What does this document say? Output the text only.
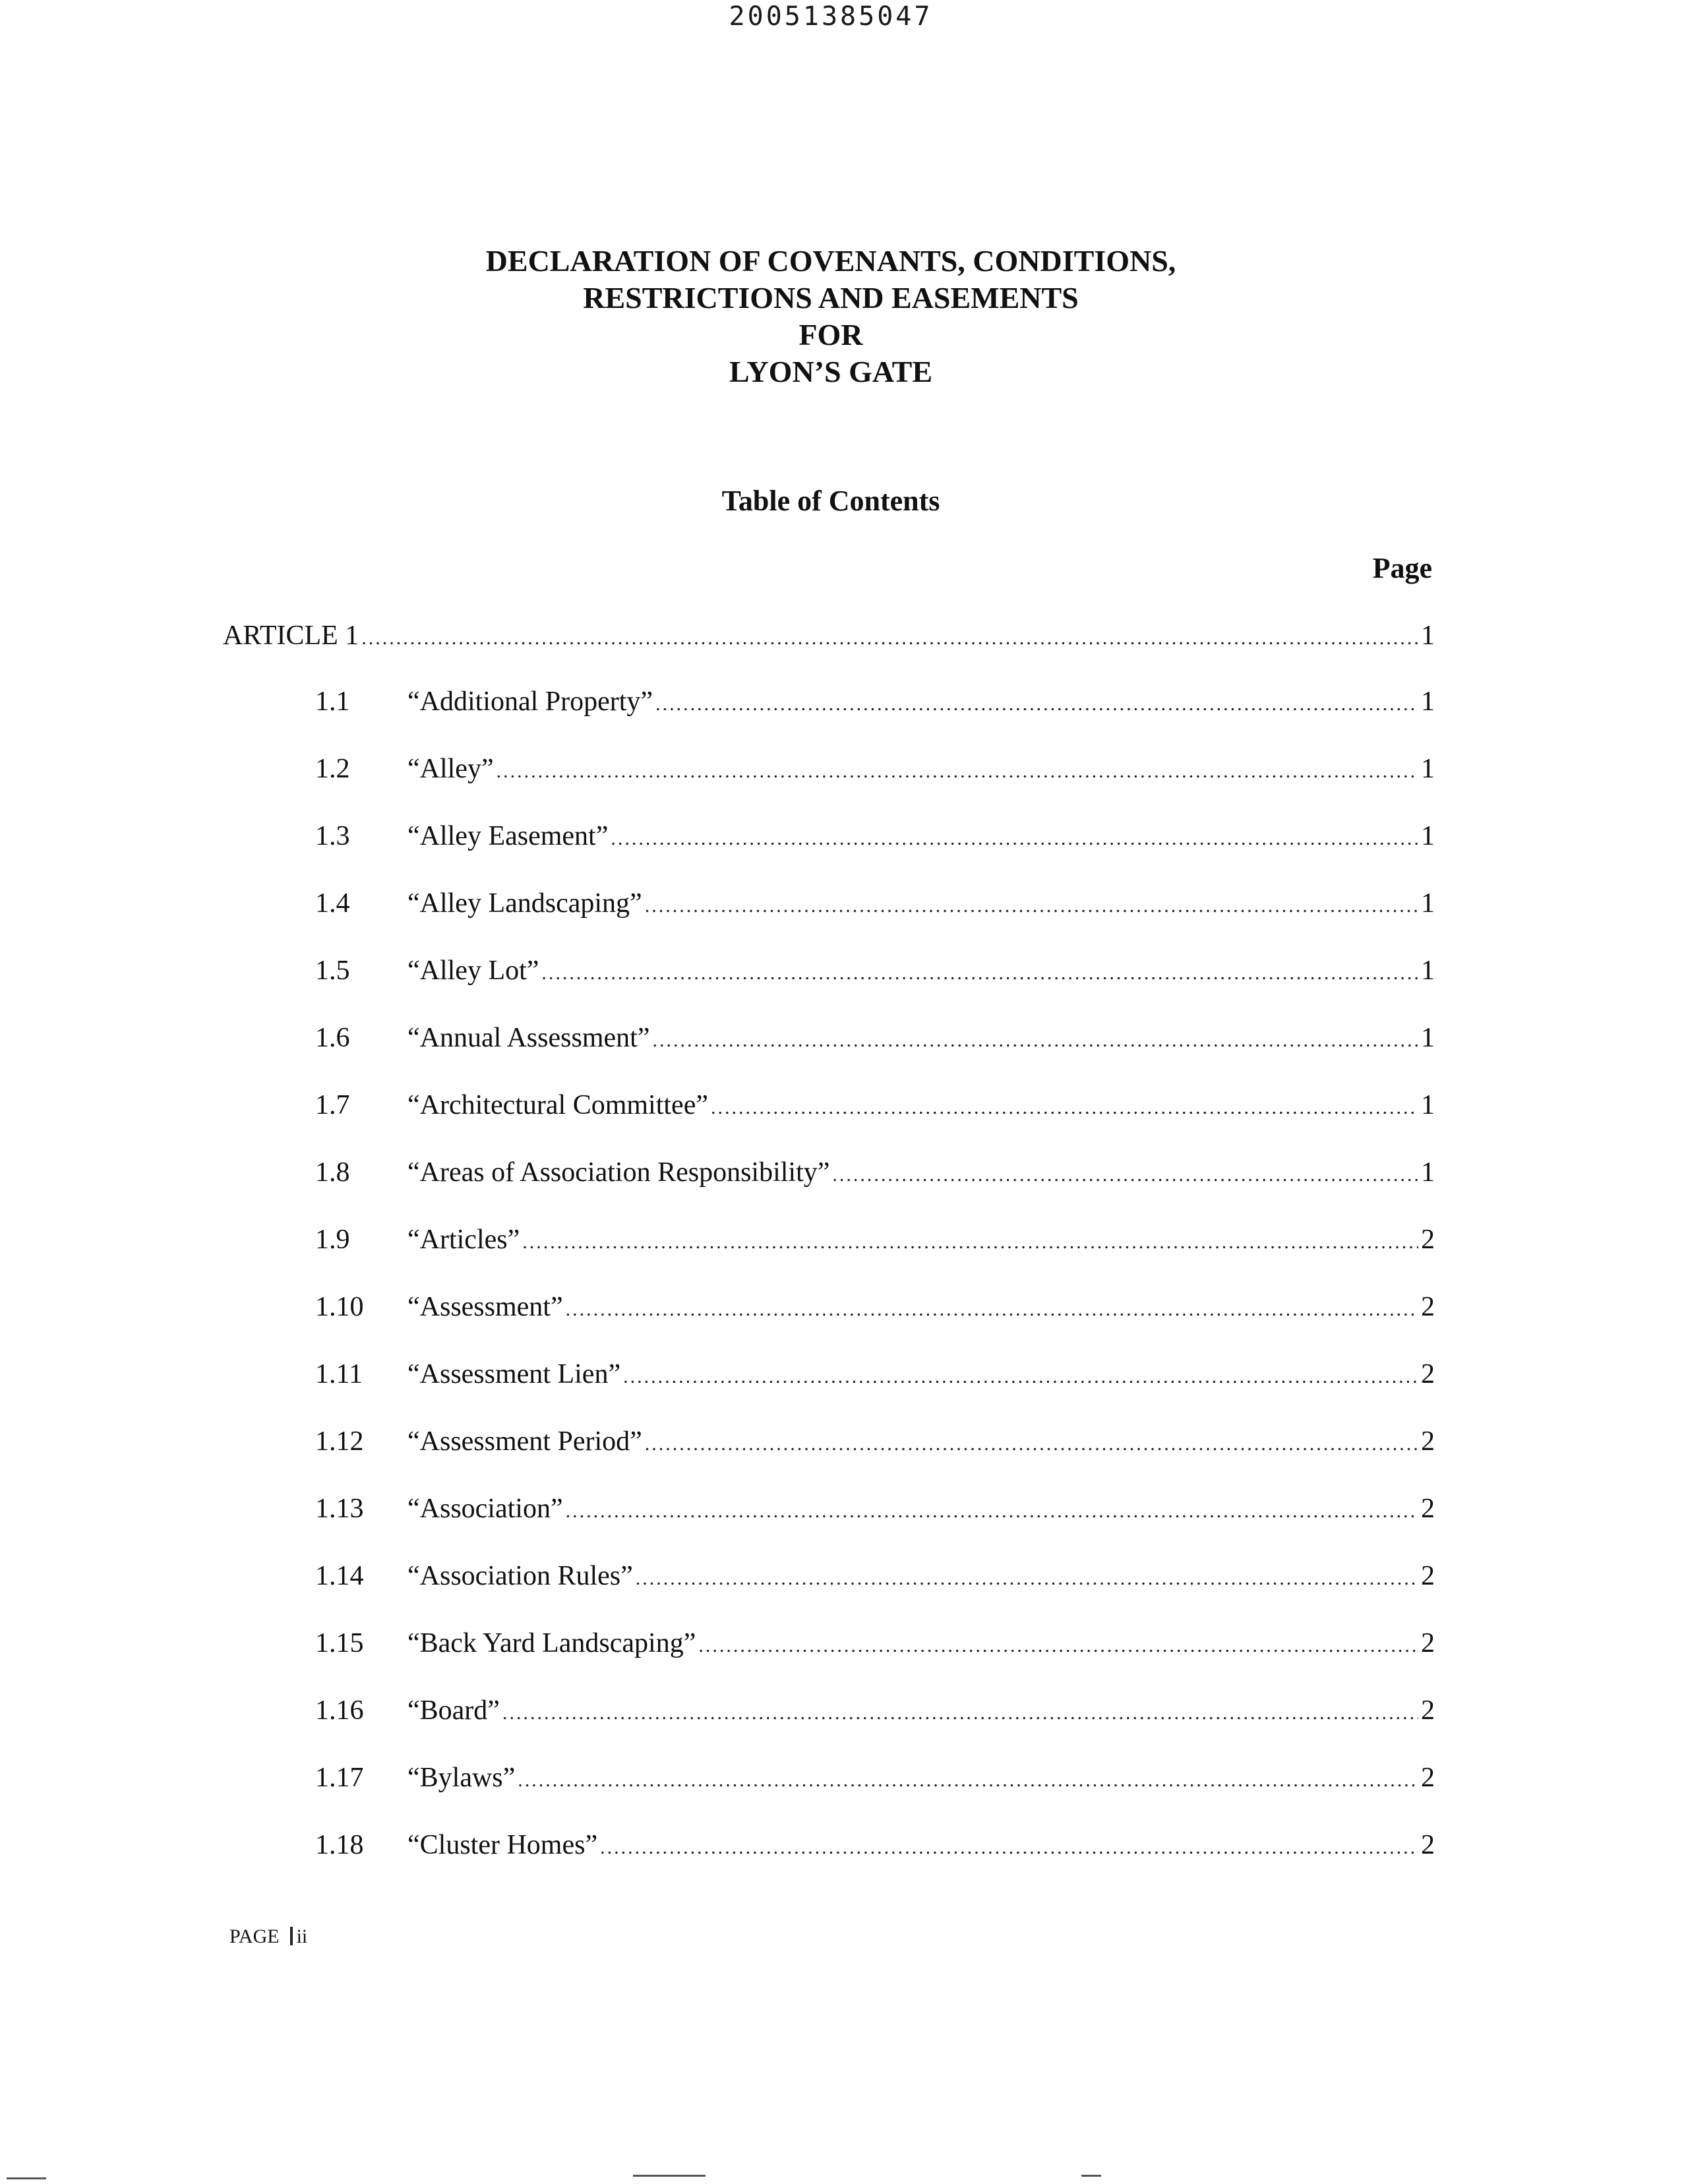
20051385047
DECLARATION OF COVENANTS, CONDITIONS,
RESTRICTIONS AND EASEMENTS
FOR
LYON’S GATE
Table of Contents
Page
ARTICLE 1 .....	1
1.1	“Additional Property” .....	1
1.2	“Alley” .....	1
1.3	“Alley Easement” .....	1
1.4	“Alley Landscaping” .....	1
1.5	“Alley Lot” .....	1
1.6	“Annual Assessment” .....	1
1.7	“Architectural Committee” .....	1
1.8	“Areas of Association Responsibility” .....	1
1.9	“Articles” .....	2
1.10	“Assessment” .....	2
1.11	“Assessment Lien” .....	2
1.12	“Assessment Period” .....	2
1.13	“Association” .....	2
1.14	“Association Rules” .....	2
1.15	“Back Yard Landscaping” .....	2
1.16	“Board” .....	2
1.17	“Bylaws” .....	2
1.18	“Cluster Homes” .....	2
PAGE ii
